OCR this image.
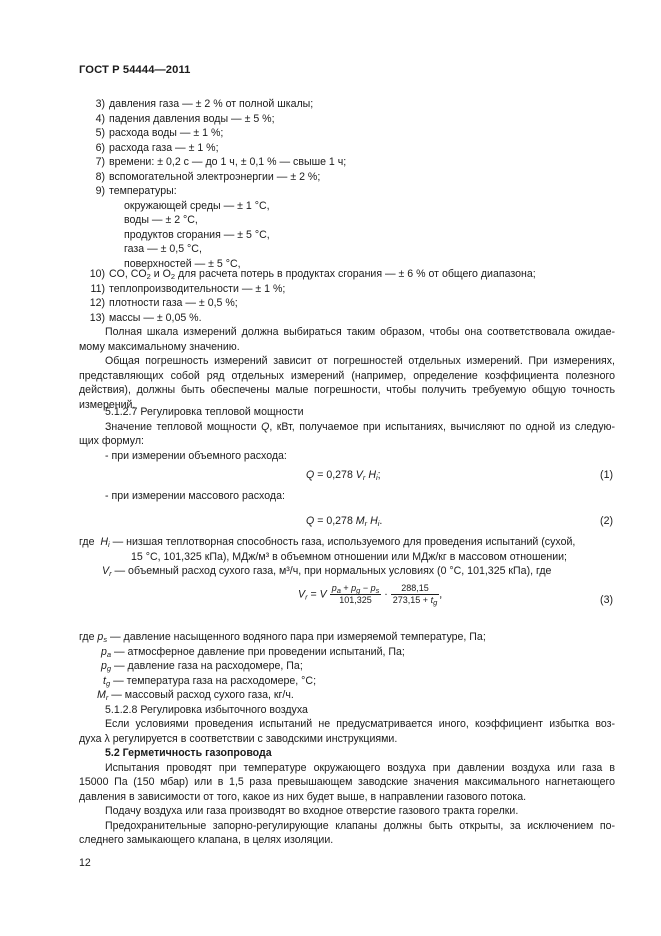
ГОСТ Р 54444—2011
3) давления газа — ± 2 % от полной шкалы;
4) падения давления воды — ± 5 %;
5) расхода воды — ± 1 %;
6) расхода газа — ± 1 %;
7) времени: ± 0,2 с — до 1 ч, ± 0,1 % — свыше 1 ч;
8) вспомогательной электроэнергии — ± 2 %;
9) температуры:
окружающей среды — ± 1 °С,
воды — ± 2 °С,
продуктов сгорания — ± 5 °С,
газа — ± 0,5 °С,
поверхностей — ± 5 °С,
10) CO, $CO_2$ и $O_2$ для расчета потерь в продуктах сгорания — ± 6 % от общего диапазона;
11) теплопроизводительности — ± 1 %;
12) плотности газа — ± 0,5 %;
13) массы — ± 0,05 %.
Полная шкала измерений должна выбираться таким образом, чтобы она соответствовала ожидае-
мому максимальному значению.
Общая погрешность измерений зависит от погрешностей отдельных измерений. При измерениях,
представляющих собой ряд отдельных измерений (например, определение коэффициента полезного
действия), должны быть обеспечены малые погрешности, чтобы получить требуемую общую точность
измерений.
5.1.2.7 Регулировка тепловой мощности
Значение тепловой мощности Q, кВт, получаемое при испытаниях, вычисляют по одной из следую-
щих формул:
- при измерении объемного расхода:
Q = 0,278 $V_r$ $H_i$;	(1)
- при измерении массового расхода:
Q = 0,278 $M_r$ $H_i$.	(2)
где $H_i$ — низшая теплотворная способность газа, используемого для проведения испытаний (сухой,
15 °С, 101,325 кПа), МДж/м³ в объемном отношении или МДж/кг в массовом отношении;
$V_r$ — объемный расход сухого газа, м³/ч, при нормальных условиях (0 °С, 101,325 кПа), где
$V_r = V \frac{p_a + p_g - p_s}{101,325} \cdot \frac{288,15}{273,15 + t_g}$ ,	(3)
где $p_s$ — давление насыщенного водяного пара при измеряемой температуре, Па;
$p_a$ — атмосферное давление при проведении испытаний, Па;
$p_g$ — давление газа на расходомере, Па;
$t_g$ — температура газа на расходомере, °С;
$M_r$ — массовый расход сухого газа, кг/ч.
5.1.2.8 Регулировка избыточного воздуха
Если условиями проведения испытаний не предусматривается иного, коэффициент избытка воз-
духа λ регулируется в соответствии с заводскими инструкциями.
5.2 Герметичность газопровода
Испытания проводят при температуре окружающего воздуха при давлении воздуха или газа в
15000 Па (150 мбар) или в 1,5 раза превышающем заводские значения максимального нагнетающего
давления в зависимости от того, какое из них будет выше, в направлении газового потока.
Подачу воздуха или газа производят во входное отверстие газового тракта горелки.
Предохранительные запорно-регулирующие клапаны должны быть открыты, за исключением по-
следнего замыкающего клапана, в целях изоляции.
12
